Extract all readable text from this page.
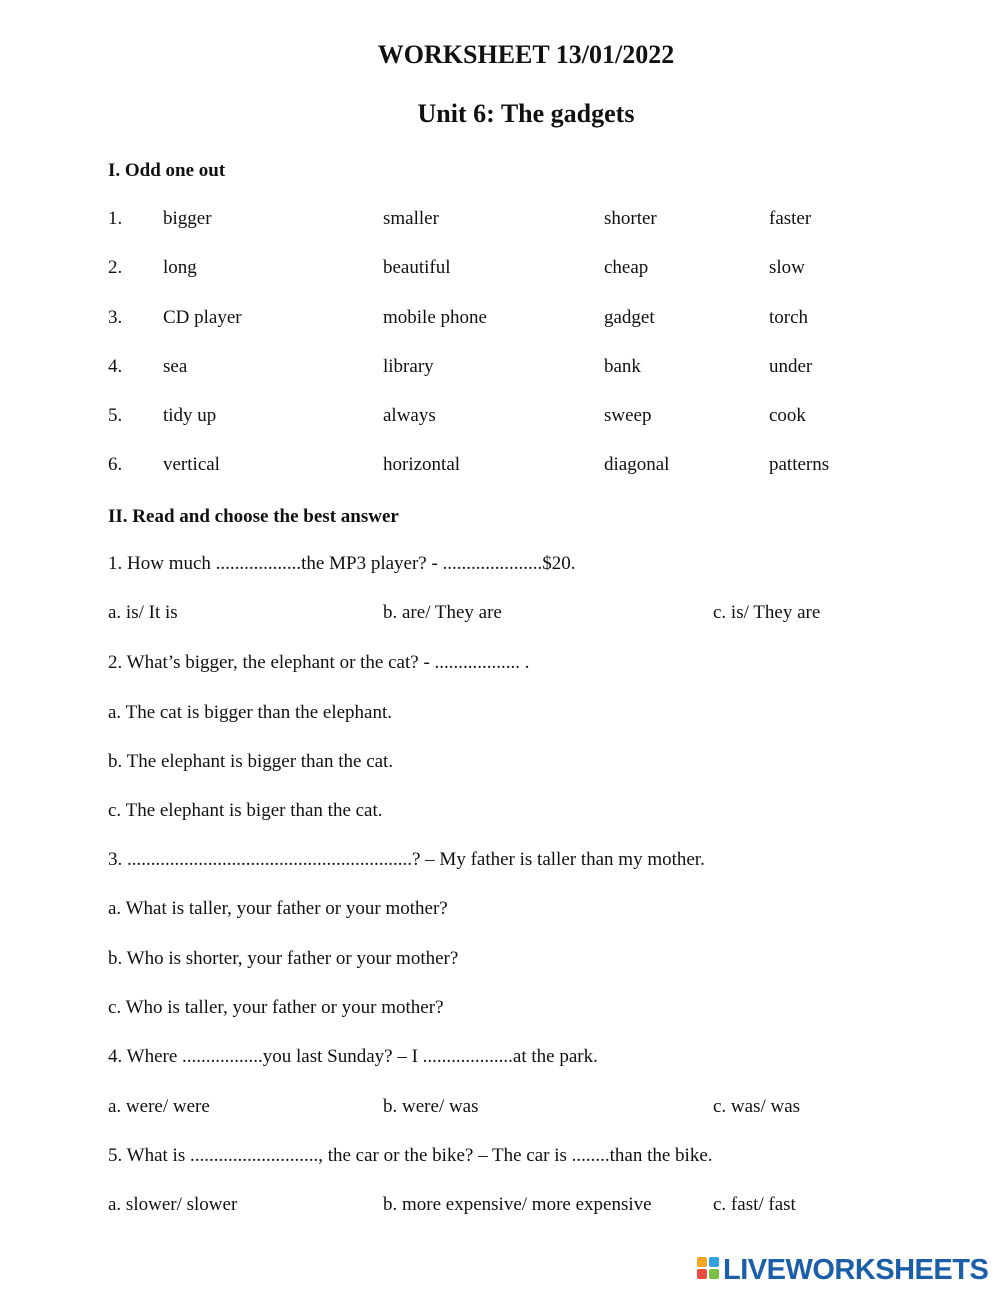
WORKSHEET 13/01/2022
Unit 6: The gadgets
I. Odd one out
1. bigger	smaller	shorter	faster
2. long	beautiful	cheap	slow
3. CD player	mobile phone	gadget	torch
4. sea	library	bank	under
5. tidy up	always	sweep	cook
6. vertical	horizontal	diagonal	patterns
II. Read and choose the best answer

1. How much ..................the MP3 player? - .....................$20.

a. is/ It is	b. are/ They are	c. is/ They are

2. What’s bigger, the elephant or the cat? - .................. .

a. The cat is bigger than the elephant.

b. The elephant is bigger than the cat.

c. The elephant is biger than the cat.

3. ............................................................? – My father is taller than my mother.

a. What is taller, your father or your mother?

b. Who is shorter, your father or your mother?

c. Who is taller, your father or your mother?

4. Where .................you last Sunday? – I ...................at the park.

a. were/ were	b. were/ was	c. was/ was

5. What is ..........................., the car or the bike? – The car is ........than the bike.

a. slower/ slower	b. more expensive/ more expensive	c. fast/ fast
LIVEWORKSHEETS
